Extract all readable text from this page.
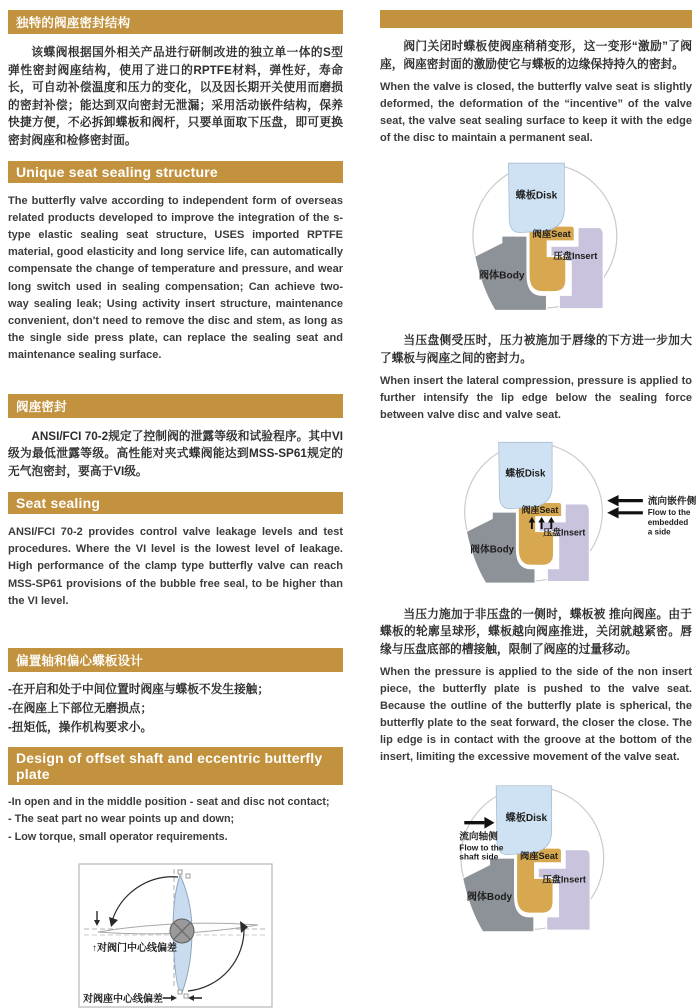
独特的阀座密封结构

该蝶阀根据国外相关产品进行研制改进的独立单一体的S型弹性密封阀座结构，使用了进口的RPTFE材料，弹性好，寿命长，可自动补偿温度和压力的变化，以及因长期开关使用而磨损的密封补偿；能达到双向密封无泄漏；采用活动嵌件结构，保养快捷方便，不必拆卸蝶板和阀杆，只要单面取下压盘，即可更换密封阀座和检修密封面。

Unique seat sealing structure

The butterfly valve according to independent form of overseas related products developed to improve the integration of the s-type elastic sealing seat structure, USES imported RPTFE material, good elasticity and long service life, can automatically compensate the change of temperature and pressure, and wear long switch used in sealing compensation; Can achieve two-way sealing leak; Using activity insert structure, maintenance convenient, don't need to remove the disc and stem, as long as the single side press plate, can replace the sealing seat and maintenance sealing surface.

阀座密封

ANSI/FCI 70-2规定了控制阀的泄露等级和试验程序。其中VI级为最低泄露等级。高性能对夹式蝶阀能达到MSS-SP61规定的无气泡密封，要高于VI级。

Seat sealing

ANSI/FCI 70-2 provides control valve leakage levels and test procedures. Where the VI level is the lowest level of leakage. High performance of the clamp type butterfly valve can reach MSS-SP61 provisions of the bubble free seal, to be higher than the VI level.

偏置轴和偏心蝶板设计
-在开启和处于中间位置时阀座与蝶板不发生接触；
-在阀座上下部位无磨损点；
-扭矩低，操作机构要求小。
Design of offset shaft and eccentric butterfly plate
-In open and in the middle position - seat and disc not contact;
- The seat part no wear points up and down;
- Low torque, small operator requirements.
↑对阀门中心线偏差
对阀座中心线偏差

阀门关闭时蝶板使阀座稍稍变形，这一变形“激励”了阀座，阀座密封面的激励使它与蝶板的边缘保持持久的密封。

When the valve is closed, the butterfly valve seat is slightly deformed, the deformation of the “incentive” of the valve seat, the valve seat sealing surface to keep it with the edge of the disc to maintain a permanent seal.

蝶板Disk
阀座Seat
压盘Insert
阀体Body

当压盘侧受压时，压力被施加于唇缘的下方进一步加大了蝶板与阀座之间的密封力。

When insert the lateral compression, pressure is applied to further intensify the lip edge below the sealing force between valve disc and valve seat.

蝶板Disk
阀座Seat
压盘Insert
阀体Body
流向嵌件侧
Flow to the
embedded
a side

当压力施加于非压盘的一侧时，蝶板被 推向阀座。由于蝶板的轮廓呈球形，蝶板越向阀座推进，关闭就越紧密。唇缘与压盘底部的槽接触，限制了阀座的过量移动。

When the pressure is applied to the side of the non insert piece, the butterfly plate is pushed to the valve seat. Because the outline of the butterfly plate is spherical, the butterfly plate to the seat forward, the closer the close. The lip edge is in contact with the groove at the bottom of the insert, limiting the excessive movement of the valve seat.

蝶板Disk
阀座Seat
压盘Insert
阀体Body
流向轴侧
Flow to the
shaft side
